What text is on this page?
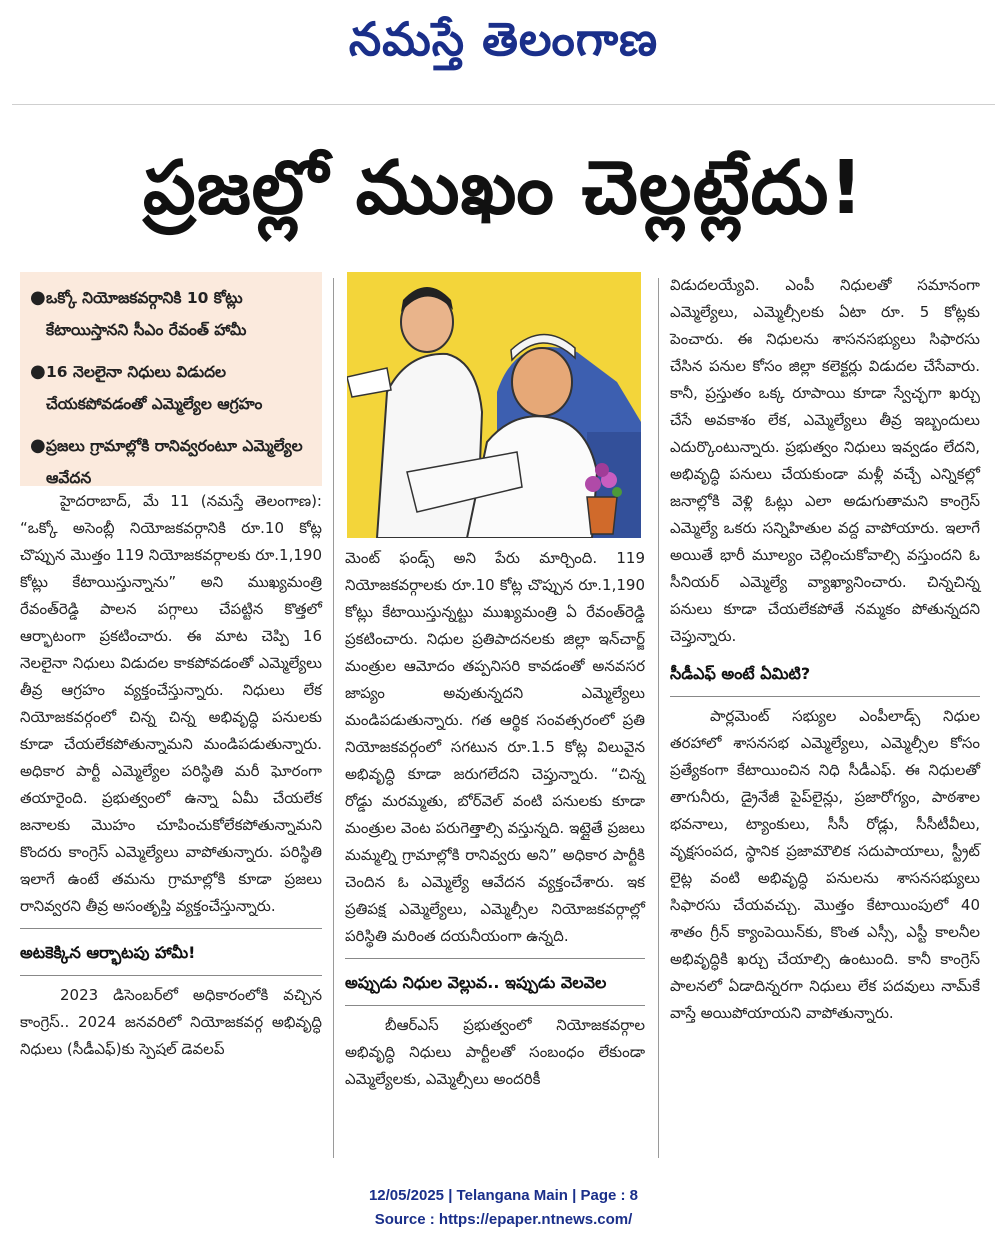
నమస్తే తెలంగాణ
ప్రజల్లో ముఖం చెల్లట్లేదు!
● ఒక్కో నియోజకవర్గానికి 10 కోట్లు కేటాయిస్తానని సీఎం రేవంత్ హామీ
● 16 నెలలైనా నిధులు విడుదల చేయకపోవడంతో ఎమ్మెల్యేల ఆగ్రహం
● ప్రజలు గ్రామాల్లోకి రానివ్వరంటూ ఎమ్మెల్యేల ఆవేదన

హైదరాబాద్, మే 11 (నమస్తే తెలంగాణ): “ఒక్కో అసెంబ్లీ నియోజకవర్గానికి రూ.10 కోట్ల చొప్పున మొత్తం 119 నియోజకవర్గాలకు రూ.1,190 కోట్లు కేటాయిస్తున్నాను” అని ముఖ్యమంత్రి రేవంత్‌రెడ్డి పాలన పగ్గాలు చేపట్టిన కొత్తలో ఆర్భాటంగా ప్రకటించారు. ఈ మాట చెప్పి 16 నెలలైనా నిధులు విడుదల కాకపోవడంతో ఎమ్మెల్యేలు తీవ్ర ఆగ్రహం వ్యక్తంచేస్తున్నారు. నిధులు లేక నియోజకవర్గంలో చిన్న చిన్న అభివృద్ధి పనులకు కూడా చేయలేకపోతున్నామని మండిపడుతున్నారు. అధికార పార్టీ ఎమ్మెల్యేల పరిస్థితి మరీ ఘోరంగా తయారైంది. ప్రభుత్వంలో ఉన్నా ఏమీ చేయలేక జనాలకు మొహం చూపించుకోలేకపోతున్నామని కొందరు కాంగ్రెస్ ఎమ్మెల్యేలు వాపోతున్నారు. పరిస్థితి ఇలాగే ఉంటే తమను గ్రామాల్లోకి కూడా ప్రజలు రానివ్వరని తీవ్ర అసంతృప్తి వ్యక్తంచేస్తున్నారు.

అటకెక్కిన ఆర్భాటపు హామీ!

2023 డిసెంబర్‌లో అధికారంలోకి వచ్చిన కాంగ్రెస్.. 2024 జనవరిలో నియోజకవర్గ అభివృద్ధి నిధులు (సీడీఎఫ్)కు స్పెషల్ డెవలప్

మెంట్ ఫండ్స్ అని పేరు మార్చింది. 119 నియోజకవర్గాలకు రూ.10 కోట్ల చొప్పున రూ.1,190 కోట్లు కేటాయిస్తున్నట్టు ముఖ్యమంత్రి ఏ రేవంత్‌రెడ్డి ప్రకటించారు. నిధుల ప్రతిపాదనలకు జిల్లా ఇన్‌చార్జ్ మంత్రుల ఆమోదం తప్పనిసరి కావడంతో అనవసర జాప్యం అవుతున్నదని ఎమ్మెల్యేలు మండిపడుతున్నారు. గత ఆర్థిక సంవత్సరంలో ప్రతి నియోజకవర్గంలో సగటున రూ.1.5 కోట్ల విలువైన అభివృద్ధి కూడా జరుగలేదని చెప్తున్నారు. “చిన్న రోడ్డు మరమ్మతు, బోర్‌వెల్ వంటి పనులకు కూడా మంత్రుల వెంట పరుగెత్తాల్సి వస్తున్నది. ఇట్లైతే ప్రజలు మమ్మల్ని గ్రామాల్లోకి రానివ్వరు అని” అధికార పార్టీకి చెందిన ఓ ఎమ్మెల్యే ఆవేదన వ్యక్తంచేశారు. ఇక ప్రతిపక్ష ఎమ్మెల్యేలు, ఎమ్మెల్సీల నియోజకవర్గాల్లో పరిస్థితి మరింత దయనీయంగా ఉన్నది.

అప్పుడు నిధుల వెల్లువ.. ఇప్పుడు వెలవెల

బీఆర్‌ఎస్ ప్రభుత్వంలో నియోజకవర్గాల అభివృద్ధి నిధులు పార్టీలతో సంబంధం లేకుండా ఎమ్మెల్యేలకు, ఎమ్మెల్సీలు అందరికీ

విడుదలయ్యేవి. ఎంపీ నిధులతో సమానంగా ఎమ్మెల్యేలు, ఎమ్మెల్సీలకు ఏటా రూ. 5 కోట్లకు పెంచారు. ఈ నిధులను శాసనసభ్యులు సిఫారసు చేసిన పనుల కోసం జిల్లా కలెక్టర్లు విడుదల చేసేవారు. కానీ, ప్రస్తుతం ఒక్క రూపాయి కూడా స్వేచ్ఛగా ఖర్చు చేసే అవకాశం లేక, ఎమ్మెల్యేలు తీవ్ర ఇబ్బందులు ఎదుర్కొంటున్నారు. ప్రభుత్వం నిధులు ఇవ్వడం లేదని, అభివృద్ధి పనులు చేయకుండా మళ్లీ వచ్చే ఎన్నికల్లో జనాల్లోకి వెళ్లి ఓట్లు ఎలా అడుగుతామని కాంగ్రెస్ ఎమ్మెల్యే ఒకరు సన్నిహితుల వద్ద వాపోయారు. ఇలాగే అయితే భారీ మూల్యం చెల్లించుకోవాల్సి వస్తుందని ఓ సీనియర్ ఎమ్మెల్యే వ్యాఖ్యానించారు. చిన్నచిన్న పనులు కూడా చేయలేకపోతే నమ్మకం పోతున్నదని చెప్తున్నారు.

సీడీఎఫ్ అంటే ఏమిటి?

పార్లమెంట్ సభ్యుల ఎంపీలాడ్స్ నిధుల తరహాలో శాసనసభ ఎమ్మెల్యేలు, ఎమ్మెల్సీల కోసం ప్రత్యేకంగా కేటాయించిన నిధి సీడీఎఫ్. ఈ నిధులతో తాగునీరు, డ్రైనేజీ పైప్‌లైన్లు, ప్రజారోగ్యం, పాఠశాల భవనాలు, ట్యాంకులు, సీసీ రోడ్లు, సీసీటీవీలు, వృక్షసంపద, స్థానిక ప్రజామౌలిక సదుపాయాలు, స్ట్రీట్ లైట్ల వంటి అభివృద్ధి పనులను శాసనసభ్యులు సిఫారసు చేయవచ్చు. మొత్తం కేటాయింపులో 40 శాతం గ్రీన్ క్యాంపెయిన్‌కు, కొంత ఎస్సీ, ఎస్టీ కాలనీల అభివృద్ధికి ఖర్చు చేయాల్సి ఉంటుంది. కానీ కాంగ్రెస్ పాలనలో ఏడాదిన్నరగా నిధులు లేక పదవులు నామ్‌కే వాస్తే అయిపోయాయని వాపోతున్నారు.

12/05/2025 | Telangana Main | Page : 8
Source : https://epaper.ntnews.com/
